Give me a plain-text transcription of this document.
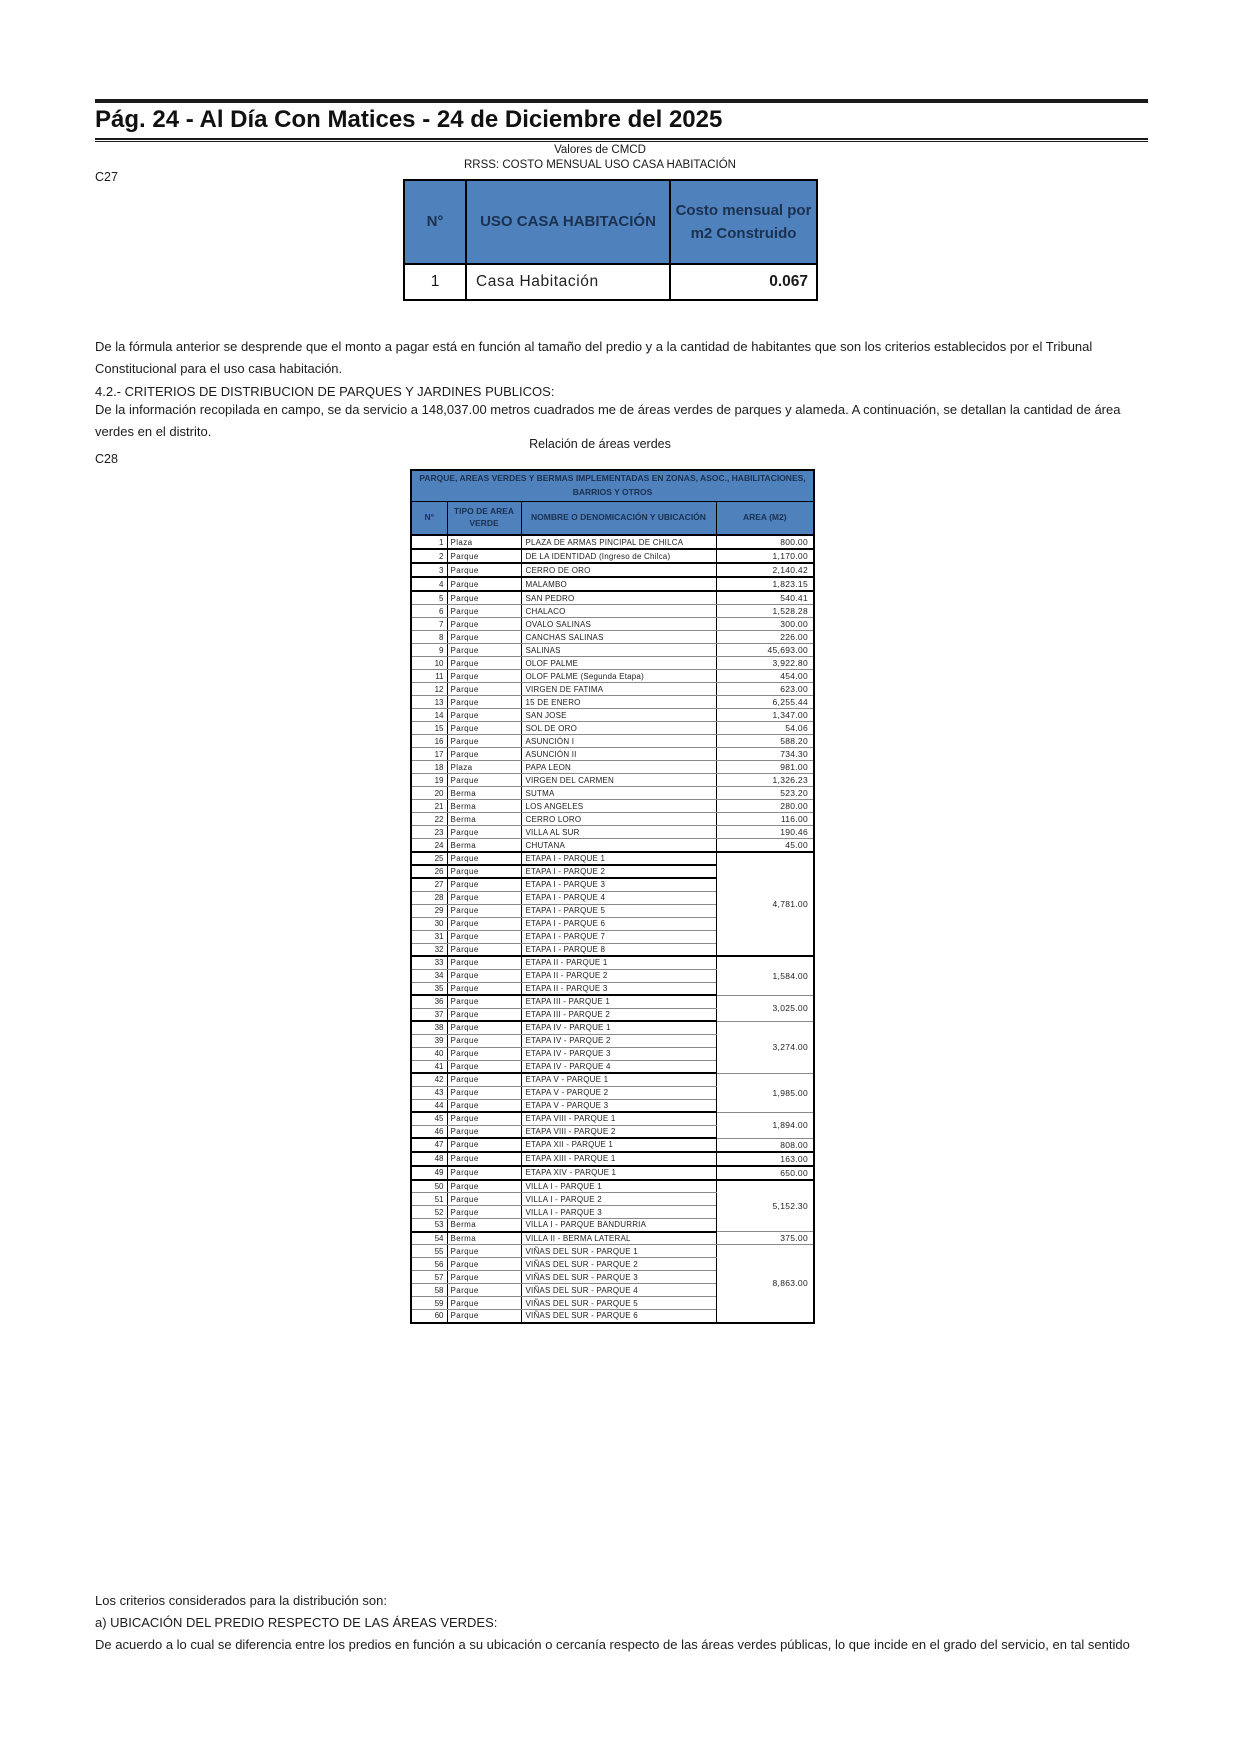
Pág. 24 - Al Día Con Matices - 24 de Diciembre del 2025
Valores de CMCD
RRSS: COSTO MENSUAL USO CASA HABITACIÓN
C27
N°	USO CASA HABITACIÓN	Costo mensual por m2 Construido
1	Casa Habitación	0.067
De la fórmula anterior se desprende que el monto a pagar está en función al tamaño del predio y a la cantidad de habitantes que son los criterios establecidos por el Tribunal Constitucional para el uso casa habitación.
4.2.- CRITERIOS DE DISTRIBUCION DE PARQUES Y JARDINES PUBLICOS:
De la información recopilada en campo, se da servicio a 148,037.00 metros cuadrados me de áreas verdes de parques y alameda. A continuación, se detallan la cantidad de área verdes en el distrito.
Relación de áreas verdes
C28
PARQUE, AREAS VERDES Y BERMAS IMPLEMENTADAS EN ZONAS, ASOC., HABILITACIONES, BARRIOS Y OTROS			
N°	TIPO DE AREA VERDE	NOMBRE O DENOMICACIÓN Y UBICACIÓN	AREA (M2)
1	Plaza	PLAZA DE ARMAS PINCIPAL DE CHILCA	800.00
2	Parque	DE LA IDENTIDAD (Ingreso de Chilca)	1,170.00
3	Parque	CERRO DE ORO	2,140.42
4	Parque	MALAMBO	1,823.15
5	Parque	SAN PEDRO	540.41
6	Parque	CHALACO	1,528.28
7	Parque	OVALO SALINAS	300.00
8	Parque	CANCHAS SALINAS	226.00
9	Parque	SALINAS	45,693.00
10	Parque	OLOF PALME	3,922.80
11	Parque	OLOF PALME (Segunda Etapa)	454.00
12	Parque	VIRGEN DE FATIMA	623.00
13	Parque	15 DE ENERO	6,255.44
14	Parque	SAN JOSE	1,347.00
15	Parque	SOL DE ORO	54.06
16	Parque	ASUNCIÓN I	588.20
17	Parque	ASUNCIÓN II	734.30
18	Plaza	PAPA LEON	981.00
19	Parque	VIRGEN DEL CARMEN	1,326.23
20	Berma	SUTMA	523.20
21	Berma	LOS ANGELES	280.00
22	Berma	CERRO LORO	116.00
23	Parque	VILLA AL SUR	190.46
24	Berma	CHUTANA	45.00
25	Parque	ETAPA I - PARQUE 1	4,781.00
26	Parque	ETAPA I - PARQUE 2	
27	Parque	ETAPA I - PARQUE 3	
28	Parque	ETAPA I - PARQUE 4	
29	Parque	ETAPA I - PARQUE 5	
30	Parque	ETAPA I - PARQUE 6	
31	Parque	ETAPA I - PARQUE 7	
32	Parque	ETAPA I - PARQUE 8	
33	Parque	ETAPA II - PARQUE 1	1,584.00
34	Parque	ETAPA II - PARQUE 2	
35	Parque	ETAPA II - PARQUE 3	
36	Parque	ETAPA III - PARQUE 1	3,025.00
37	Parque	ETAPA III - PARQUE 2	
38	Parque	ETAPA IV - PARQUE 1	3,274.00
39	Parque	ETAPA IV - PARQUE 2	
40	Parque	ETAPA IV - PARQUE 3	
41	Parque	ETAPA IV - PARQUE 4	
42	Parque	ETAPA V - PARQUE 1	1,985.00
43	Parque	ETAPA V - PARQUE 2	
44	Parque	ETAPA V - PARQUE 3	
45	Parque	ETAPA VIII - PARQUE 1	1,894.00
46	Parque	ETAPA VIII - PARQUE 2	
47	Parque	ETAPA XII - PARQUE 1	808.00
48	Parque	ETAPA XIII - PARQUE 1	163.00
49	Parque	ETAPA XIV - PARQUE 1	650.00
50	Parque	VILLA I - PARQUE 1	5,152.30
51	Parque	VILLA I - PARQUE 2	
52	Parque	VILLA I - PARQUE 3	
53	Berma	VILLA I - PARQUE BANDURRIA	
54	Berma	VILLA II - BERMA LATERAL	375.00
55	Parque	VIÑAS DEL SUR - PARQUE 1	8,863.00
56	Parque	VIÑAS DEL SUR - PARQUE 2	
57	Parque	VIÑAS DEL SUR - PARQUE 3	
58	Parque	VIÑAS DEL SUR - PARQUE 4	
59	Parque	VIÑAS DEL SUR - PARQUE 5	
60	Parque	VIÑAS DEL SUR - PARQUE 6	
Los criterios considerados para la distribución son:
a) UBICACIÓN DEL PREDIO RESPECTO DE LAS ÁREAS VERDES:
De acuerdo a lo cual se diferencia entre los predios en función a su ubicación o cercanía respecto de las áreas verdes públicas, lo que incide en el grado del servicio, en tal sentido
